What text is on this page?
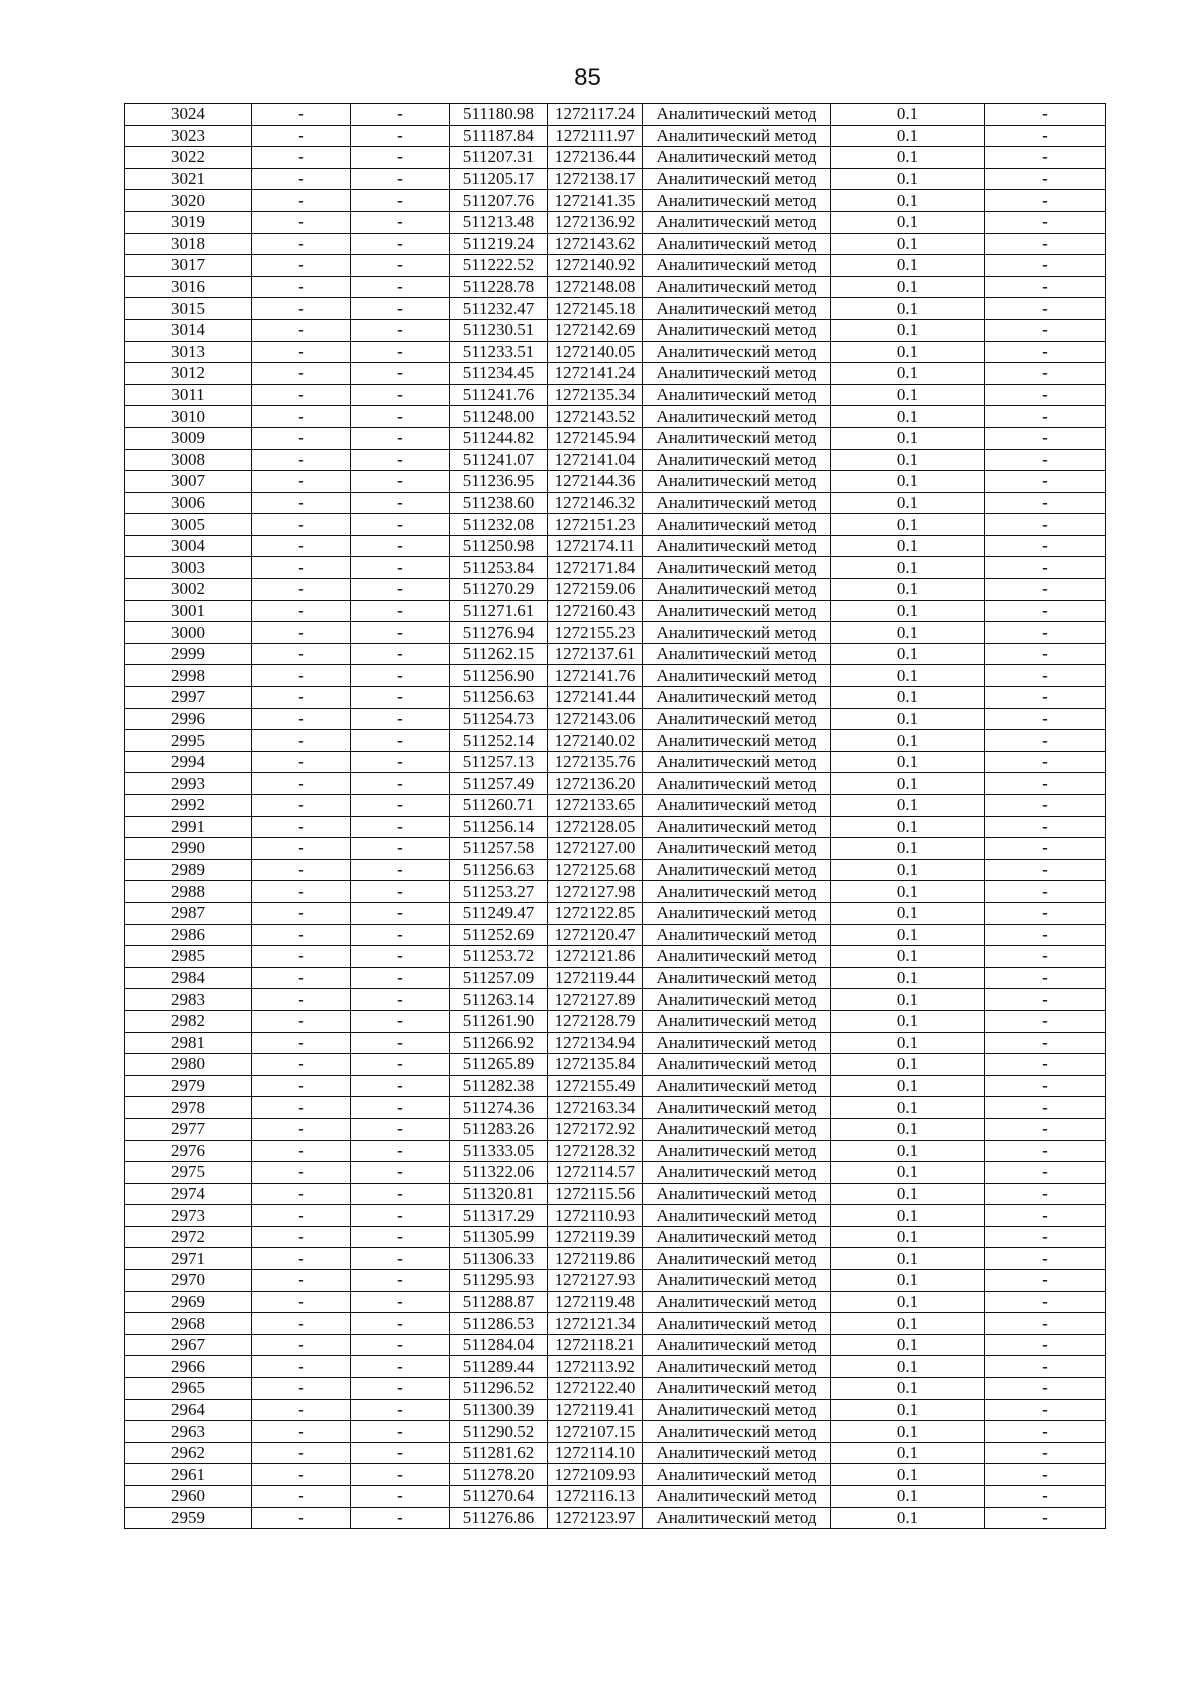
85
3024	-	-	511180.98	1272117.24	Аналитический метод	0.1	-
3023	-	-	511187.84	1272111.97	Аналитический метод	0.1	-
3022	-	-	511207.31	1272136.44	Аналитический метод	0.1	-
3021	-	-	511205.17	1272138.17	Аналитический метод	0.1	-
3020	-	-	511207.76	1272141.35	Аналитический метод	0.1	-
3019	-	-	511213.48	1272136.92	Аналитический метод	0.1	-
3018	-	-	511219.24	1272143.62	Аналитический метод	0.1	-
3017	-	-	511222.52	1272140.92	Аналитический метод	0.1	-
3016	-	-	511228.78	1272148.08	Аналитический метод	0.1	-
3015	-	-	511232.47	1272145.18	Аналитический метод	0.1	-
3014	-	-	511230.51	1272142.69	Аналитический метод	0.1	-
3013	-	-	511233.51	1272140.05	Аналитический метод	0.1	-
3012	-	-	511234.45	1272141.24	Аналитический метод	0.1	-
3011	-	-	511241.76	1272135.34	Аналитический метод	0.1	-
3010	-	-	511248.00	1272143.52	Аналитический метод	0.1	-
3009	-	-	511244.82	1272145.94	Аналитический метод	0.1	-
3008	-	-	511241.07	1272141.04	Аналитический метод	0.1	-
3007	-	-	511236.95	1272144.36	Аналитический метод	0.1	-
3006	-	-	511238.60	1272146.32	Аналитический метод	0.1	-
3005	-	-	511232.08	1272151.23	Аналитический метод	0.1	-
3004	-	-	511250.98	1272174.11	Аналитический метод	0.1	-
3003	-	-	511253.84	1272171.84	Аналитический метод	0.1	-
3002	-	-	511270.29	1272159.06	Аналитический метод	0.1	-
3001	-	-	511271.61	1272160.43	Аналитический метод	0.1	-
3000	-	-	511276.94	1272155.23	Аналитический метод	0.1	-
2999	-	-	511262.15	1272137.61	Аналитический метод	0.1	-
2998	-	-	511256.90	1272141.76	Аналитический метод	0.1	-
2997	-	-	511256.63	1272141.44	Аналитический метод	0.1	-
2996	-	-	511254.73	1272143.06	Аналитический метод	0.1	-
2995	-	-	511252.14	1272140.02	Аналитический метод	0.1	-
2994	-	-	511257.13	1272135.76	Аналитический метод	0.1	-
2993	-	-	511257.49	1272136.20	Аналитический метод	0.1	-
2992	-	-	511260.71	1272133.65	Аналитический метод	0.1	-
2991	-	-	511256.14	1272128.05	Аналитический метод	0.1	-
2990	-	-	511257.58	1272127.00	Аналитический метод	0.1	-
2989	-	-	511256.63	1272125.68	Аналитический метод	0.1	-
2988	-	-	511253.27	1272127.98	Аналитический метод	0.1	-
2987	-	-	511249.47	1272122.85	Аналитический метод	0.1	-
2986	-	-	511252.69	1272120.47	Аналитический метод	0.1	-
2985	-	-	511253.72	1272121.86	Аналитический метод	0.1	-
2984	-	-	511257.09	1272119.44	Аналитический метод	0.1	-
2983	-	-	511263.14	1272127.89	Аналитический метод	0.1	-
2982	-	-	511261.90	1272128.79	Аналитический метод	0.1	-
2981	-	-	511266.92	1272134.94	Аналитический метод	0.1	-
2980	-	-	511265.89	1272135.84	Аналитический метод	0.1	-
2979	-	-	511282.38	1272155.49	Аналитический метод	0.1	-
2978	-	-	511274.36	1272163.34	Аналитический метод	0.1	-
2977	-	-	511283.26	1272172.92	Аналитический метод	0.1	-
2976	-	-	511333.05	1272128.32	Аналитический метод	0.1	-
2975	-	-	511322.06	1272114.57	Аналитический метод	0.1	-
2974	-	-	511320.81	1272115.56	Аналитический метод	0.1	-
2973	-	-	511317.29	1272110.93	Аналитический метод	0.1	-
2972	-	-	511305.99	1272119.39	Аналитический метод	0.1	-
2971	-	-	511306.33	1272119.86	Аналитический метод	0.1	-
2970	-	-	511295.93	1272127.93	Аналитический метод	0.1	-
2969	-	-	511288.87	1272119.48	Аналитический метод	0.1	-
2968	-	-	511286.53	1272121.34	Аналитический метод	0.1	-
2967	-	-	511284.04	1272118.21	Аналитический метод	0.1	-
2966	-	-	511289.44	1272113.92	Аналитический метод	0.1	-
2965	-	-	511296.52	1272122.40	Аналитический метод	0.1	-
2964	-	-	511300.39	1272119.41	Аналитический метод	0.1	-
2963	-	-	511290.52	1272107.15	Аналитический метод	0.1	-
2962	-	-	511281.62	1272114.10	Аналитический метод	0.1	-
2961	-	-	511278.20	1272109.93	Аналитический метод	0.1	-
2960	-	-	511270.64	1272116.13	Аналитический метод	0.1	-
2959	-	-	511276.86	1272123.97	Аналитический метод	0.1	-
